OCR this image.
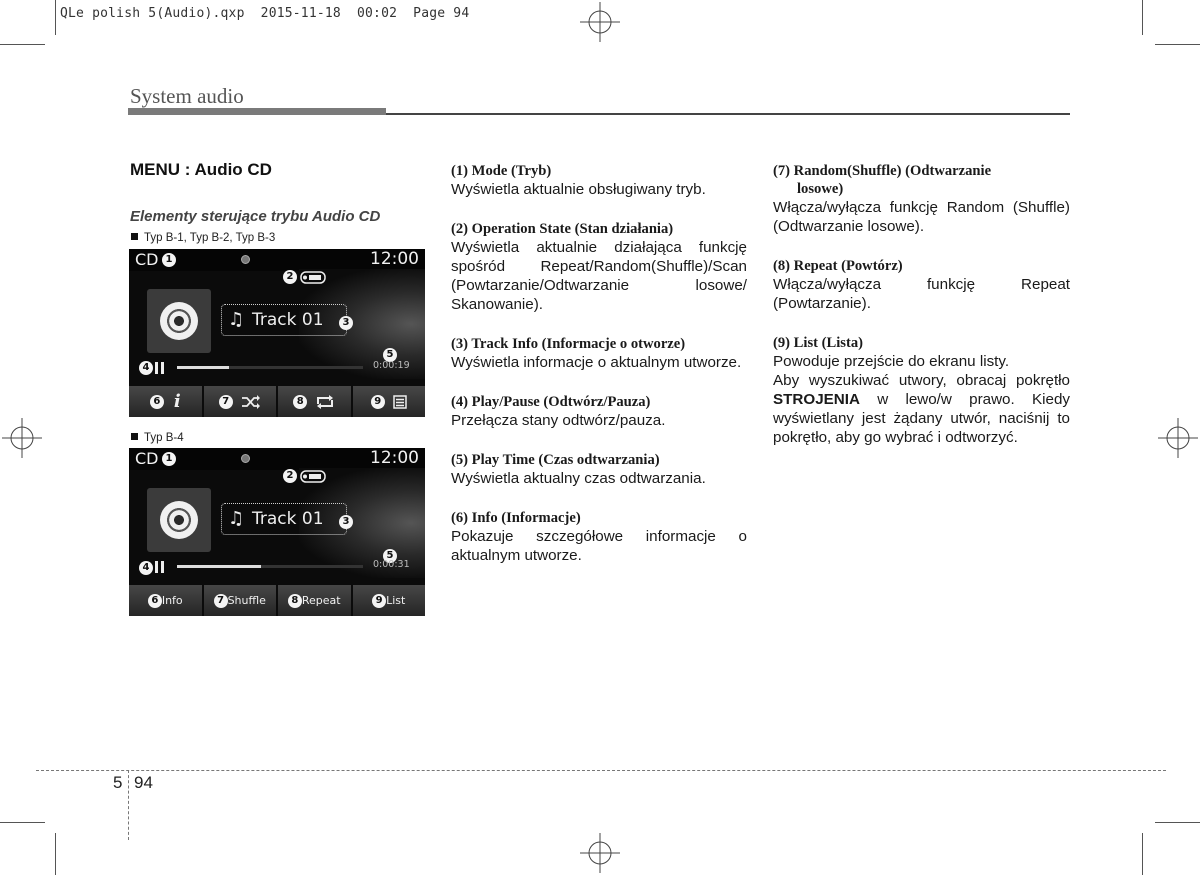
QLe polish 5(Audio).qxp  2015-11-18  00:02  Page 94
System audio
MENU : Audio CD
Elementy sterujące trybu Audio CD
Typ B-1, Typ B-2, Typ B-3
CD 1	12:00
2
♫ Track 01	3
5
4	0:00:19
6 i	7	8	9
Typ B-4
CD 1	12:00
2
♫ Track 01	3
5
4	0:00:31
6 Info	7 Shuffle	8 Repeat	9 List
(1) Mode (Tryb)
Wyświetla aktualnie obsługiwany tryb.
(2) Operation State (Stan działania)
Wyświetla aktualnie działająca funkcję spośród Repeat/Random(Shuffle)/Scan (Powtarzanie/Odtwarzanie losowe/ Skanowanie).
(3) Track Info (Informacje o otworze)
Wyświetla informacje o aktualnym utworze.
(4) Play/Pause (Odtwórz/Pauza)
Przełącza stany odtwórz/pauza.
(5) Play Time (Czas odtwarzania)
Wyświetla aktualny czas odtwarzania.
(6) Info (Informacje)
Pokazuje szczegółowe informacje o aktualnym utworze.
(7) Random(Shuffle) (Odtwarzanie
losowe)
Włącza/wyłącza funkcję Random (Shuffle) (Odtwarzanie losowe).
(8) Repeat (Powtórz)
Włącza/wyłącza funkcję Repeat (Powtarzanie).
(9) List (Lista)
Powoduje przejście do ekranu listy.
Aby wyszukiwać utwory, obracaj pokrętło STROJENIA w lewo/w prawo. Kiedy wyświetlany jest żądany utwór, naciśnij to pokrętło, aby go wybrać i odtworzyć.
5 94
